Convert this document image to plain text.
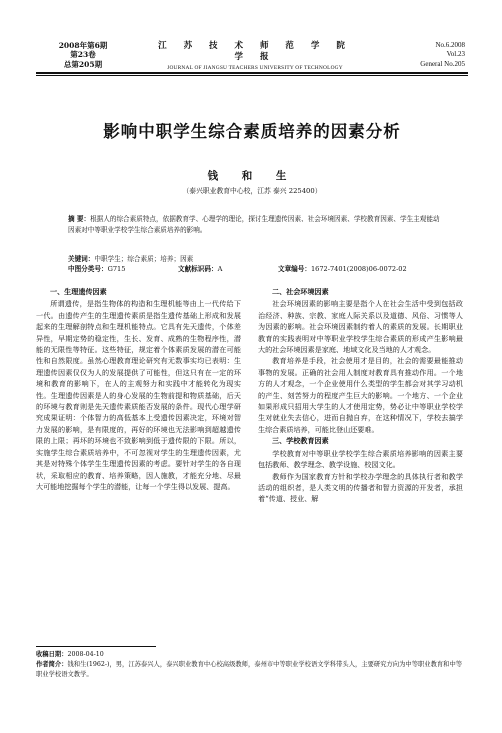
2008年第6期
第23卷
总第205期
江 苏 技 术 师 范 学 院 学 报
JOURNAL OF JIANGSU TEACHERS UNIVERSITY OF TECHNOLOGY
No.6.2008
Vol.23
General No.205
影响中职学生综合素质培养的因素分析
钱 和 生
（泰兴职业教育中心校，江苏 泰兴 225400）
摘 要：根据人的综合素质特点，依据教育学、心理学的理论，探讨生理遗传因素、社会环境因素、学校教育因素、学生主观能动因素对中等职业学校学生综合素质培养的影响。
关键词：中职学生；综合素质；培养；因素
中图分类号：G715	文献标识码：A	文章编号：1672-7401(2008)06-0072-02
一、生理遗传因素
所谓遗传，是指生物体的构造和生理机能等由上一代传给下一代。由遗传产生的生理遗传素质是指生遗传基础上形成和发展起来的生理解剖特点和生理机能特点。它具有先天遗传，个体差异性，早期定势的稳定性，生长、发育、成熟的生物程序性，潜能的无限性等特征。这些特征，规定着个体素质发展的潜在可能性和自然限度。虽然心理教育理论研究有无数事实均已表明：生理遗传因素仅仅为人的发展提供了可能性，但这只有在一定的环境和教育的影响下，在人的主观努力和实践中才能转化为现实性。生理遗传因素是人的身心发展的生物前提和物质基础，后天的环境与教育则是先天遗传素质能否发展的条件。现代心理学研究成果证明：个体智力的高低基本上受遗传因素决定，环境对智力发展的影响，是有限度的，再好的环境也无法影响到超越遗传限的上限；再坏的环境也不致影响到低于遗传限的下限。所以，实施学生综合素质培养中，不可忽视对学生的生理遗传因素，尤其是对特殊个体学生生理遗传因素的考虑。要针对学生的各自现状，采取相应的教育、培养策略，因人施教，才能充分地、尽最大可能地挖掘每个学生的潜能，让每一个学生得以发展、提高。
二、社会环境因素
社会环境因素的影响主要是指个人在社会生活中受到包括政治经济、种族、宗教、家庭人际关系以及道德、风俗、习惯等人为因素的影响。社会环境因素制约着人的素质的发展。长期职业教育的实践表明对中等职业学校学生综合素质的形成产生影响最大的社会环境因素是家庭、地域文化及当地的人才观念。
教育培养是手段，社会使用才是目的，社会的需要最能推动事物的发展。正确的社会用人制度对教育具有推动作用。一个地方的人才观念，一个企业使用什么类型的学生都会对其学习动机的产生、刻苦努力的程度产生巨大的影响。一个地方、一个企业如果形成只招用大学生的人才使用定势，势必让中等职业学校学生对就业失去信心，进而自抛自弃，在这种情况下，学校去搞学生综合素质培养，可能比登山还要难。
三、学校教育因素
学校教育对中等职业学校学生综合素质培养影响的因素主要包括教师、教学理念、教学设施、校园文化。
教师作为国家教育方针和学校办学理念的具体执行者和教学活动的组织者，是人类文明的传播者和智力资源的开发者，承担着“传道、授业、解
收稿日期：2008-04-10
作者简介：钱和生(1962-)，男，江苏泰兴人，泰兴职业教育中心校高级教师，泰州市中等职业学校语文学科带头人，主要研究方向为中等职业教育和中等职业学校语文教学。
